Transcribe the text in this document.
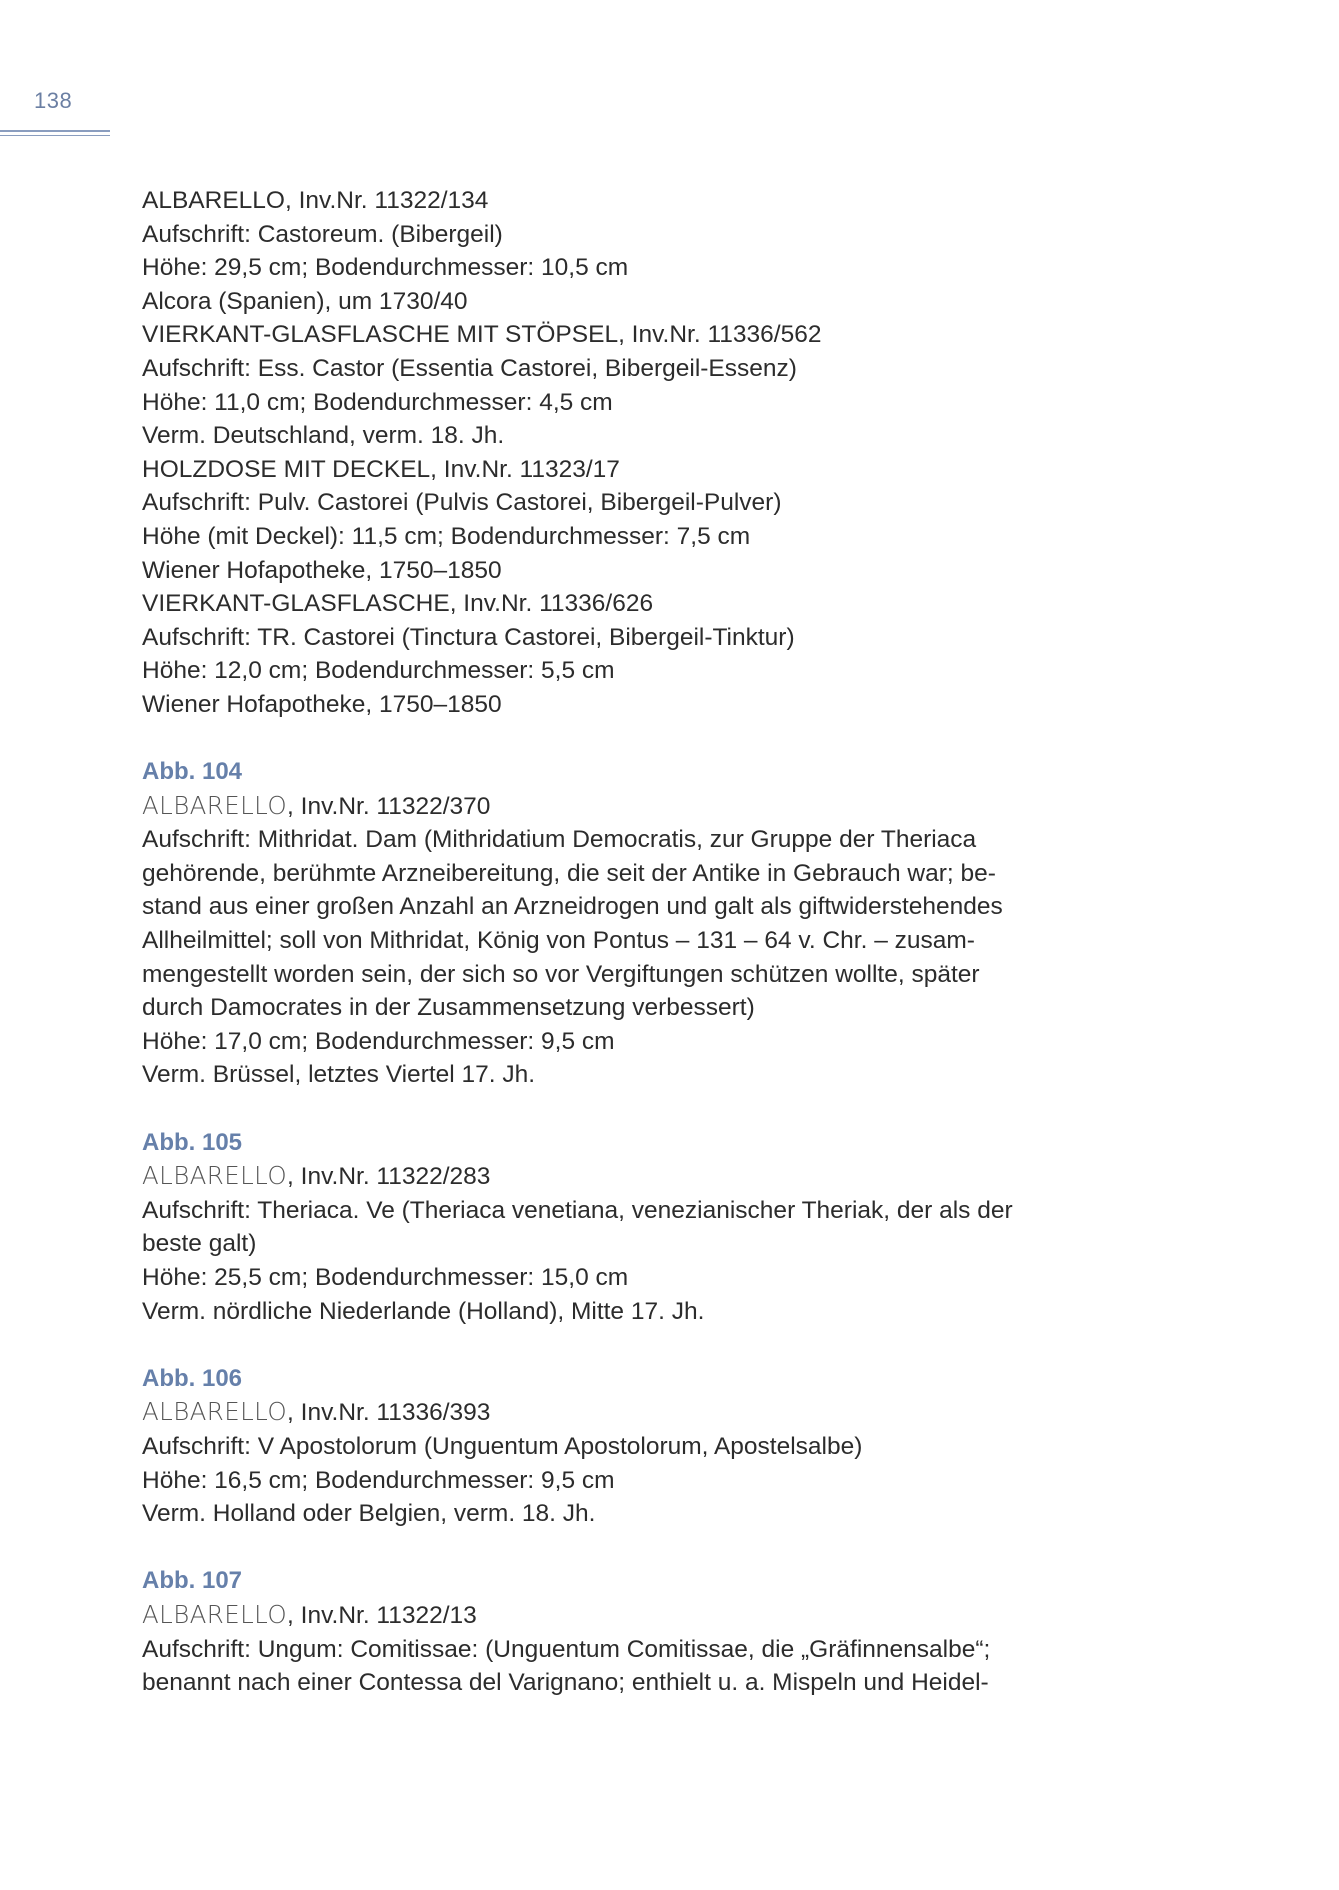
138
ALBARELLO, Inv.Nr. 11322/134
Aufschrift: Castoreum. (Bibergeil)
Höhe: 29,5 cm; Bodendurchmesser: 10,5 cm
Alcora (Spanien), um 1730/40
VIERKANT-GLASFLASCHE MIT STÖPSEL, Inv.Nr. 11336/562
Aufschrift: Ess. Castor (Essentia Castorei, Bibergeil-Essenz)
Höhe: 11,0 cm; Bodendurchmesser: 4,5 cm
Verm. Deutschland, verm. 18. Jh.
HOLZDOSE MIT DECKEL, Inv.Nr. 11323/17
Aufschrift: Pulv. Castorei (Pulvis Castorei, Bibergeil-Pulver)
Höhe (mit Deckel): 11,5 cm; Bodendurchmesser: 7,5 cm
Wiener Hofapotheke, 1750–1850
VIERKANT-GLASFLASCHE, Inv.Nr. 11336/626
Aufschrift: TR. Castorei (Tinctura Castorei, Bibergeil-Tinktur)
Höhe: 12,0 cm; Bodendurchmesser: 5,5 cm
Wiener Hofapotheke, 1750–1850
Abb. 104
ALBARELLO, Inv.Nr. 11322/370
Aufschrift: Mithridat. Dam (Mithridatium Democratis, zur Gruppe der Theriaca
gehörende, berühmte Arzneibereitung, die seit der Antike in Gebrauch war; be-
stand aus einer großen Anzahl an Arzneidrogen und galt als giftwiderstehendes
Allheilmittel; soll von Mithridat, König von Pontus – 131 – 64 v. Chr. – zusam-
mengestellt worden sein, der sich so vor Vergiftungen schützen wollte, später
durch Damocrates in der Zusammensetzung verbessert)
Höhe: 17,0 cm; Bodendurchmesser: 9,5 cm
Verm. Brüssel, letztes Viertel 17. Jh.
Abb. 105
ALBARELLO, Inv.Nr. 11322/283
Aufschrift: Theriaca. Ve (Theriaca venetiana, venezianischer Theriak, der als der
beste galt)
Höhe: 25,5 cm; Bodendurchmesser: 15,0 cm
Verm. nördliche Niederlande (Holland), Mitte 17. Jh.
Abb. 106
ALBARELLO, Inv.Nr. 11336/393
Aufschrift: V Apostolorum (Unguentum Apostolorum, Apostelsalbe)
Höhe: 16,5 cm; Bodendurchmesser: 9,5 cm
Verm. Holland oder Belgien, verm. 18. Jh.
Abb. 107
ALBARELLO, Inv.Nr. 11322/13
Aufschrift: Ungum: Comitissae: (Unguentum Comitissae, die „Gräfinnensalbe“;
benannt nach einer Contessa del Varignano; enthielt u. a. Mispeln und Heidel-
